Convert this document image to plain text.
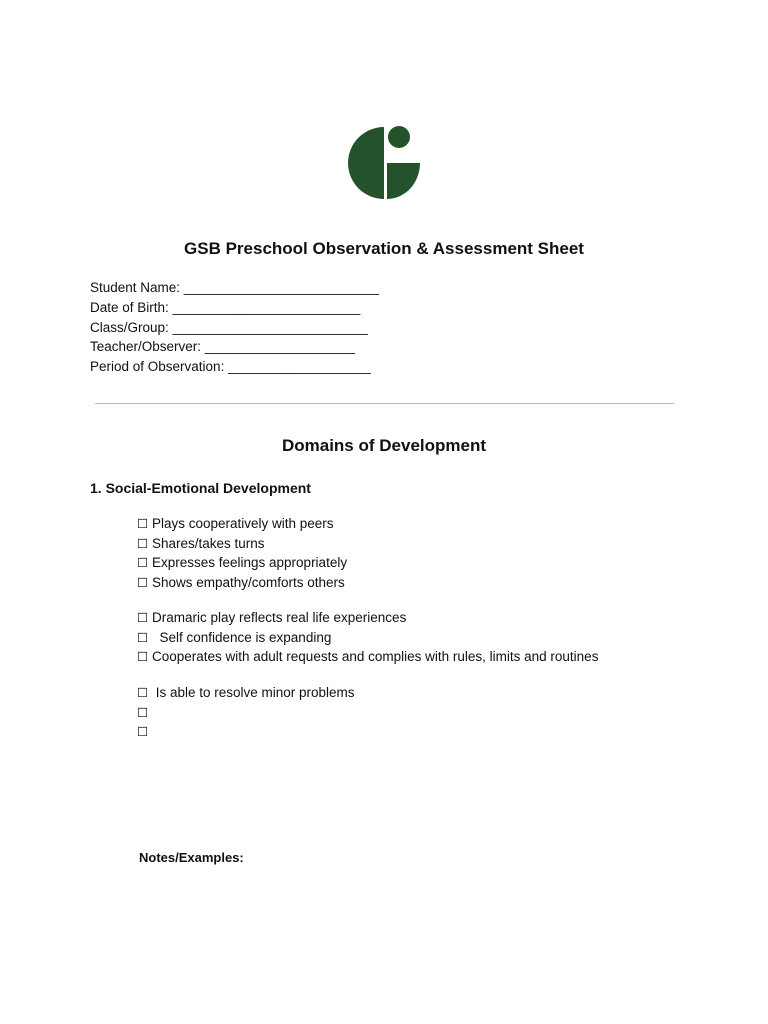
GSB Preschool Observation & Assessment Sheet
Student Name: __________________________
Date of Birth: _________________________
Class/Group: __________________________
Teacher/Observer: ____________________
Period of Observation: ___________________
Domains of Development
1. Social-Emotional Development
☐ Plays cooperatively with peers
☐ Shares/takes turns
☐ Expresses feelings appropriately
☐ Shows empathy/comforts others
☐ Dramaric play reflects real life experiences
☐   Self confidence is expanding
☐ Cooperates with adult requests and complies with rules, limits and routines
☐  Is able to resolve minor problems
☐
☐
Notes/Examples:
